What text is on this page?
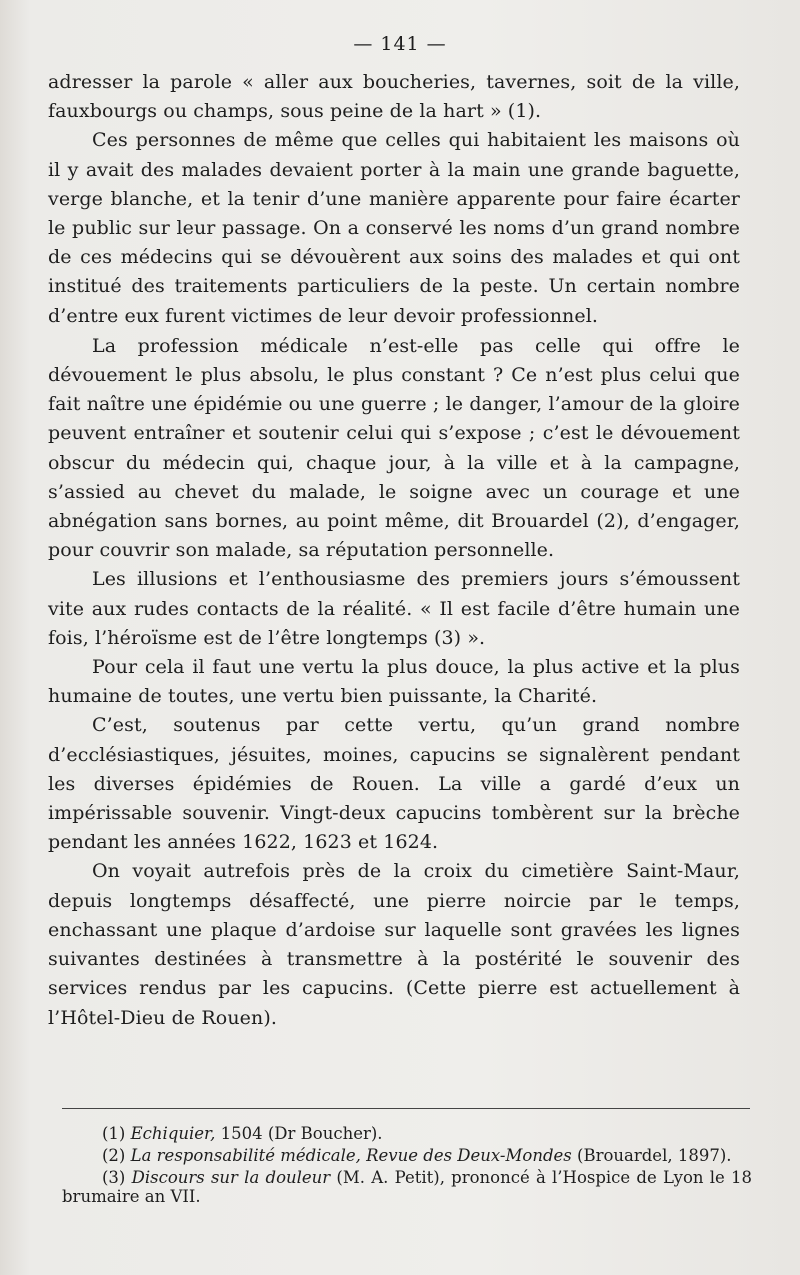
— 141 —

adresser la parole « aller aux boucheries, tavernes, soit de la ville, fauxbourgs ou champs, sous peine de la hart » (1).

Ces personnes de même que celles qui habitaient les maisons où il y avait des malades devaient porter à la main une grande baguette, verge blanche, et la tenir d’une manière apparente pour faire écarter le public sur leur passage. On a conservé les noms d’un grand nombre de ces médecins qui se dévouèrent aux soins des malades et qui ont institué des traitements particuliers de la peste. Un certain nombre d’entre eux furent victimes de leur devoir professionnel.

La profession médicale n’est-elle pas celle qui offre le dévouement le plus absolu, le plus constant ? Ce n’est plus celui que fait naître une épidémie ou une guerre ; le danger, l’amour de la gloire peuvent entraîner et soutenir celui qui s’expose ; c’est le dévouement obscur du médecin qui, chaque jour, à la ville et à la campagne, s’assied au chevet du malade, le soigne avec un courage et une abnégation sans bornes, au point même, dit Brouardel (2), d’engager, pour couvrir son malade, sa réputation personnelle.

Les illusions et l’enthousiasme des premiers jours s’émoussent vite aux rudes contacts de la réalité. « Il est facile d’être humain une fois, l’héroïsme est de l’être longtemps (3) ».

Pour cela il faut une vertu la plus douce, la plus active et la plus humaine de toutes, une vertu bien puissante, la Charité.

C’est, soutenus par cette vertu, qu’un grand nombre d’ecclésiastiques, jésuites, moines, capucins se signalèrent pendant les diverses épidémies de Rouen. La ville a gardé d’eux un impérissable souvenir. Vingt-deux capucins tombèrent sur la brèche pendant les années 1622, 1623 et 1624.

On voyait autrefois près de la croix du cimetière Saint-Maur, depuis longtemps désaffecté, une pierre noircie par le temps, enchassant une plaque d’ardoise sur laquelle sont gravées les lignes suivantes destinées à transmettre à la postérité le souvenir des services rendus par les capucins. (Cette pierre est actuellement à l’Hôtel-Dieu de Rouen).

(1) Echiquier, 1504 (Dr Boucher).

(2) La responsabilité médicale, Revue des Deux-Mondes (Brouardel, 1897).

(3) Discours sur la douleur (M. A. Petit), prononcé à l’Hospice de Lyon le 18 brumaire an VII.
